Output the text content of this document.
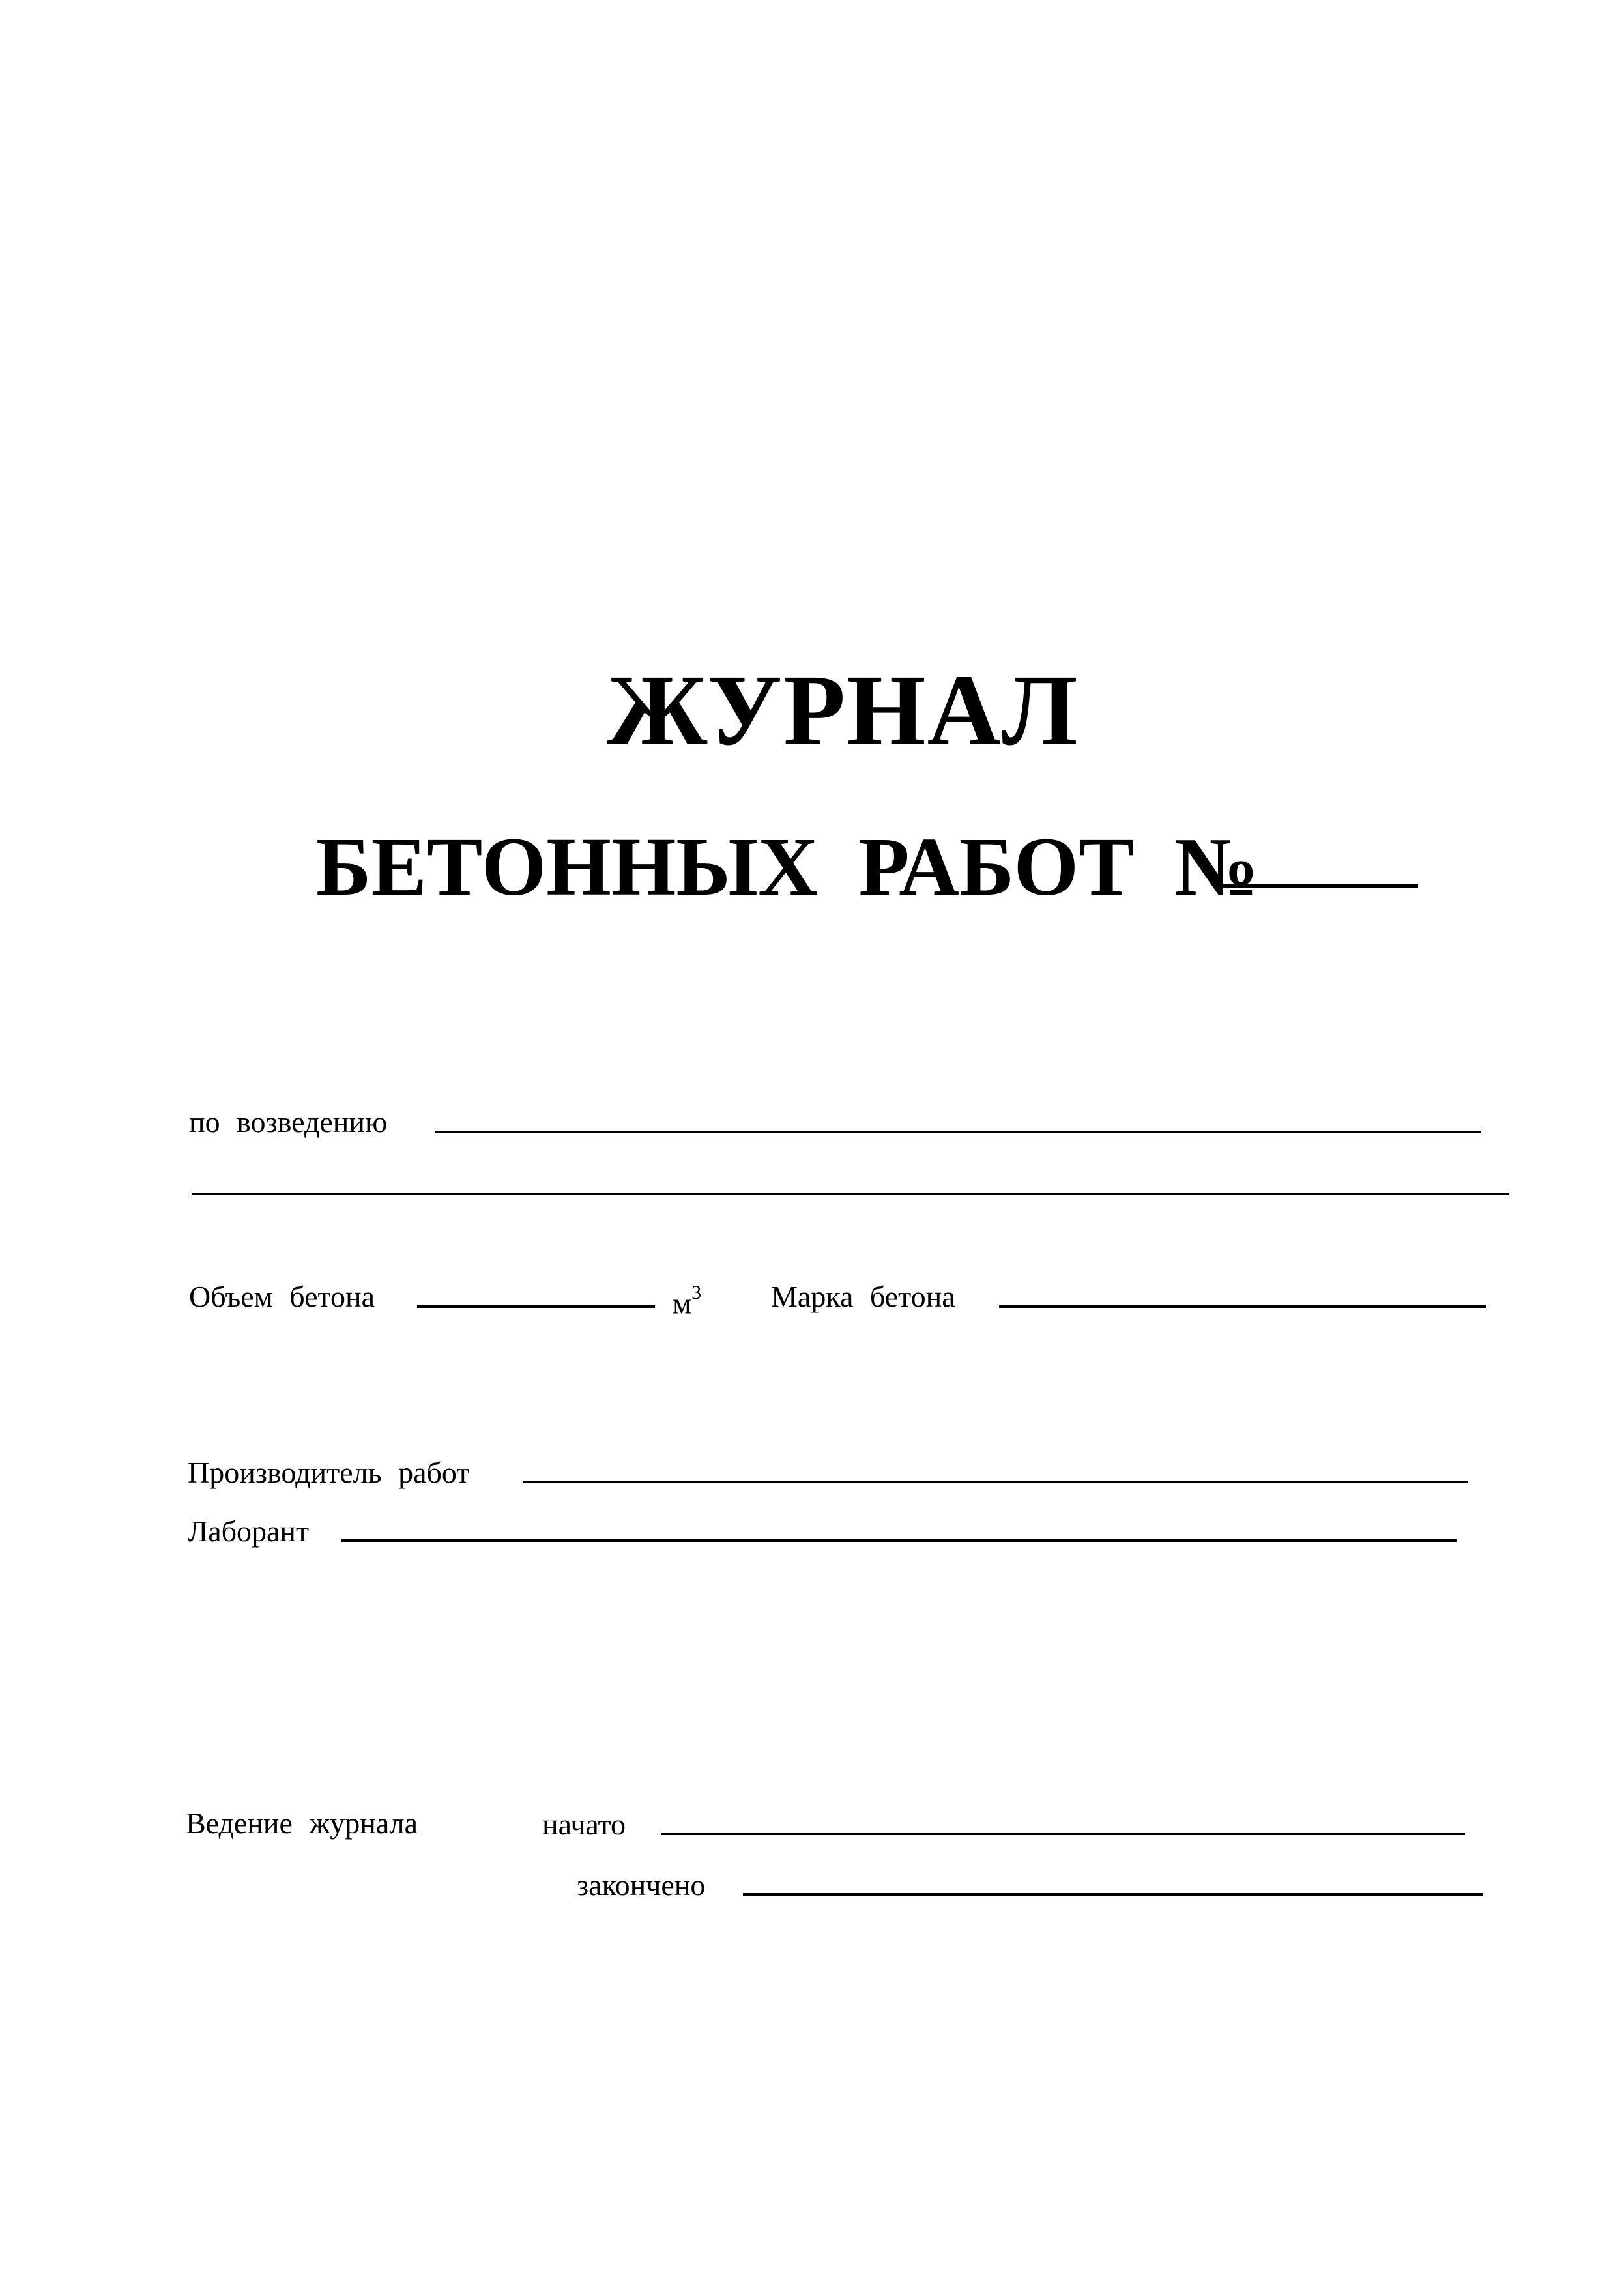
ЖУРНАЛ
БЕТОННЫХ РАБОТ №
по возведению
Объем бетона	$м^3$ Марка бетона
Производитель работ
Лаборант
Ведение журнала	начато
закончено
